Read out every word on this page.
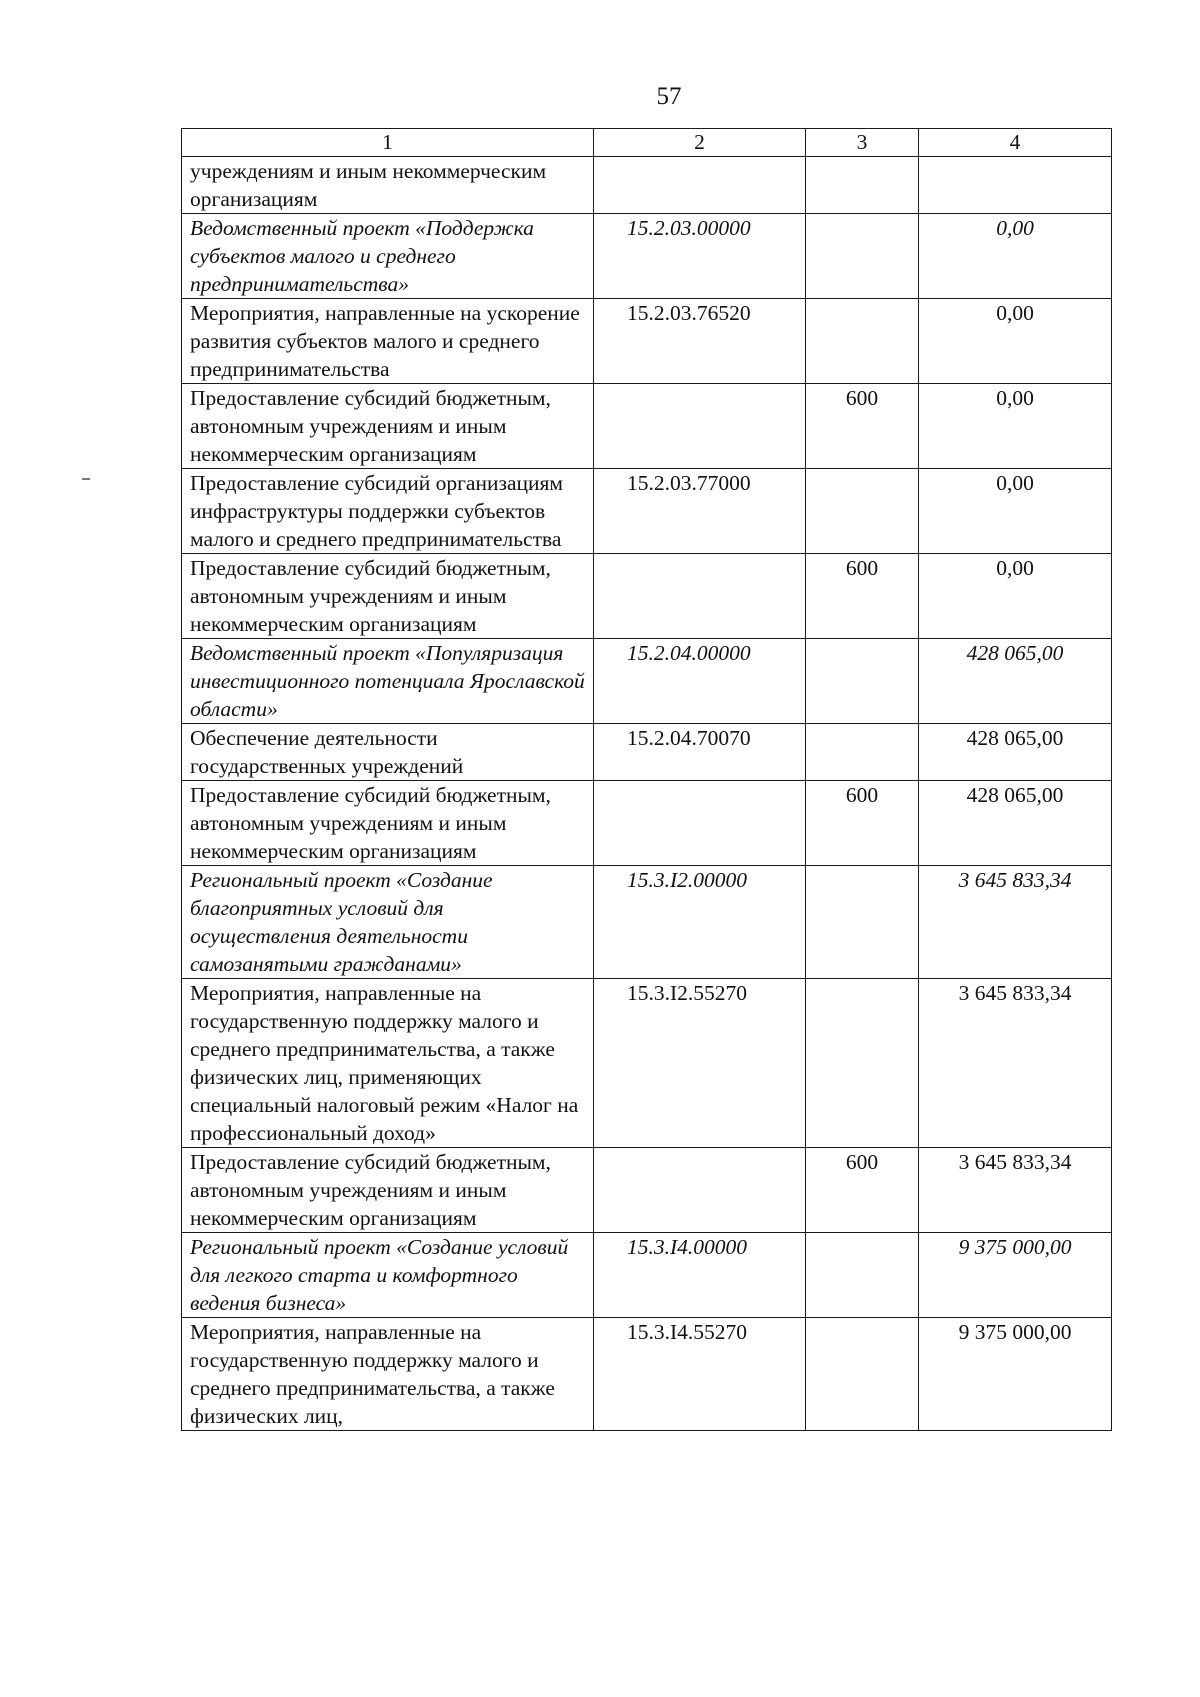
57
1	2	3	4
учреждениям и иным некоммерческим организациям			
Ведомственный проект «Поддержка субъектов малого и среднего предпринимательства»	15.2.03.00000		0,00
Мероприятия, направленные на ускорение развития субъектов малого и среднего предпринимательства	15.2.03.76520		0,00
Предоставление субсидий бюджетным, автономным учреждениям и иным некоммерческим организациям		600	0,00
Предоставление субсидий организациям инфраструктуры поддержки субъектов малого и среднего предпринимательства	15.2.03.77000		0,00
Предоставление субсидий бюджетным, автономным учреждениям и иным некоммерческим организациям		600	0,00
Ведомственный проект «Популяризация инвестиционного потенциала Ярославской области»	15.2.04.00000		428 065,00
Обеспечение деятельности государственных учреждений	15.2.04.70070		428 065,00
Предоставление субсидий бюджетным, автономным учреждениям и иным некоммерческим организациям		600	428 065,00
Региональный проект «Создание благоприятных условий для осуществления деятельности самозанятыми гражданами»	15.3.I2.00000		3 645 833,34
Мероприятия, направленные на государственную поддержку малого и среднего предпринимательства, а также физических лиц, применяющих специальный налоговый режим «Налог на профессиональный доход»	15.3.I2.55270		3 645 833,34
Предоставление субсидий бюджетным, автономным учреждениям и иным некоммерческим организациям		600	3 645 833,34
Региональный проект «Создание условий для легкого старта и комфортного ведения бизнеса»	15.3.I4.00000		9 375 000,00
Мероприятия, направленные на государственную поддержку малого и среднего предпринимательства, а также физических лиц,	15.3.I4.55270		9 375 000,00
